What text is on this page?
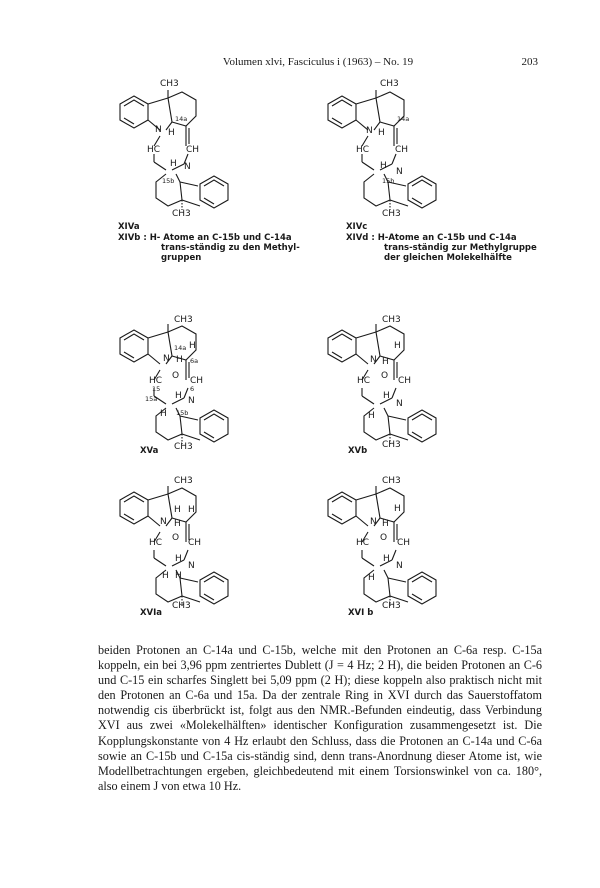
Volumen xlvi, Fasciculus i (1963) – No. 19	203
CH3
14a
N H
HC	CH
H N
15b
CH3
CH3
14a
N H
HC	CH
H
N
15b
CH3
CH3
14a H
N H 6a
HC O CH
15	6
15a H N
H 15b
CH3
CH3
H
N H
HC O CH
H
N
H
CH3
CH3
H H
N H
HC O CH
H
N
H H
CH3
CH3
H
N H
HC O CH
H
N
H
CH3
XIVa
XIVb : H- Atome an C-15b und C-14a
trans-ständig zu den Methyl-
gruppen
XIVc
XIVd : H-Atome an C-15b und C-14a
trans-ständig zur Methylgruppe
der gleichen Molekelhälfte
XVa	XVb
XVIa	XVI b

beiden Protonen an C-14a und C-15b, welche mit den Protonen an C-6a resp. C-15a koppeln, ein bei 3,96 ppm zentriertes Dublett (J = 4 Hz; 2 H), die beiden Protonen an C-6 und C-15 ein scharfes Singlett bei 5,09 ppm (2 H); diese koppeln also praktisch nicht mit den Protonen an C-6a und 15a. Da der zentrale Ring in XVI durch das Sauerstoffatom notwendig cis überbrückt ist, folgt aus den NMR.-Befunden eindeutig, dass Verbindung XVI aus zwei «Molekelhälften» identischer Konfiguration zusammengesetzt ist. Die Kopplungskonstante von 4 Hz erlaubt den Schluss, dass die Protonen an C-14a und C-6a sowie an C-15b und C-15a cis-ständig sind, denn trans-Anordnung dieser Atome ist, wie Modellbetrachtungen ergeben, gleichbedeutend mit einem Torsionswinkel von ca. 180°, also einem J von etwa 10 Hz.
